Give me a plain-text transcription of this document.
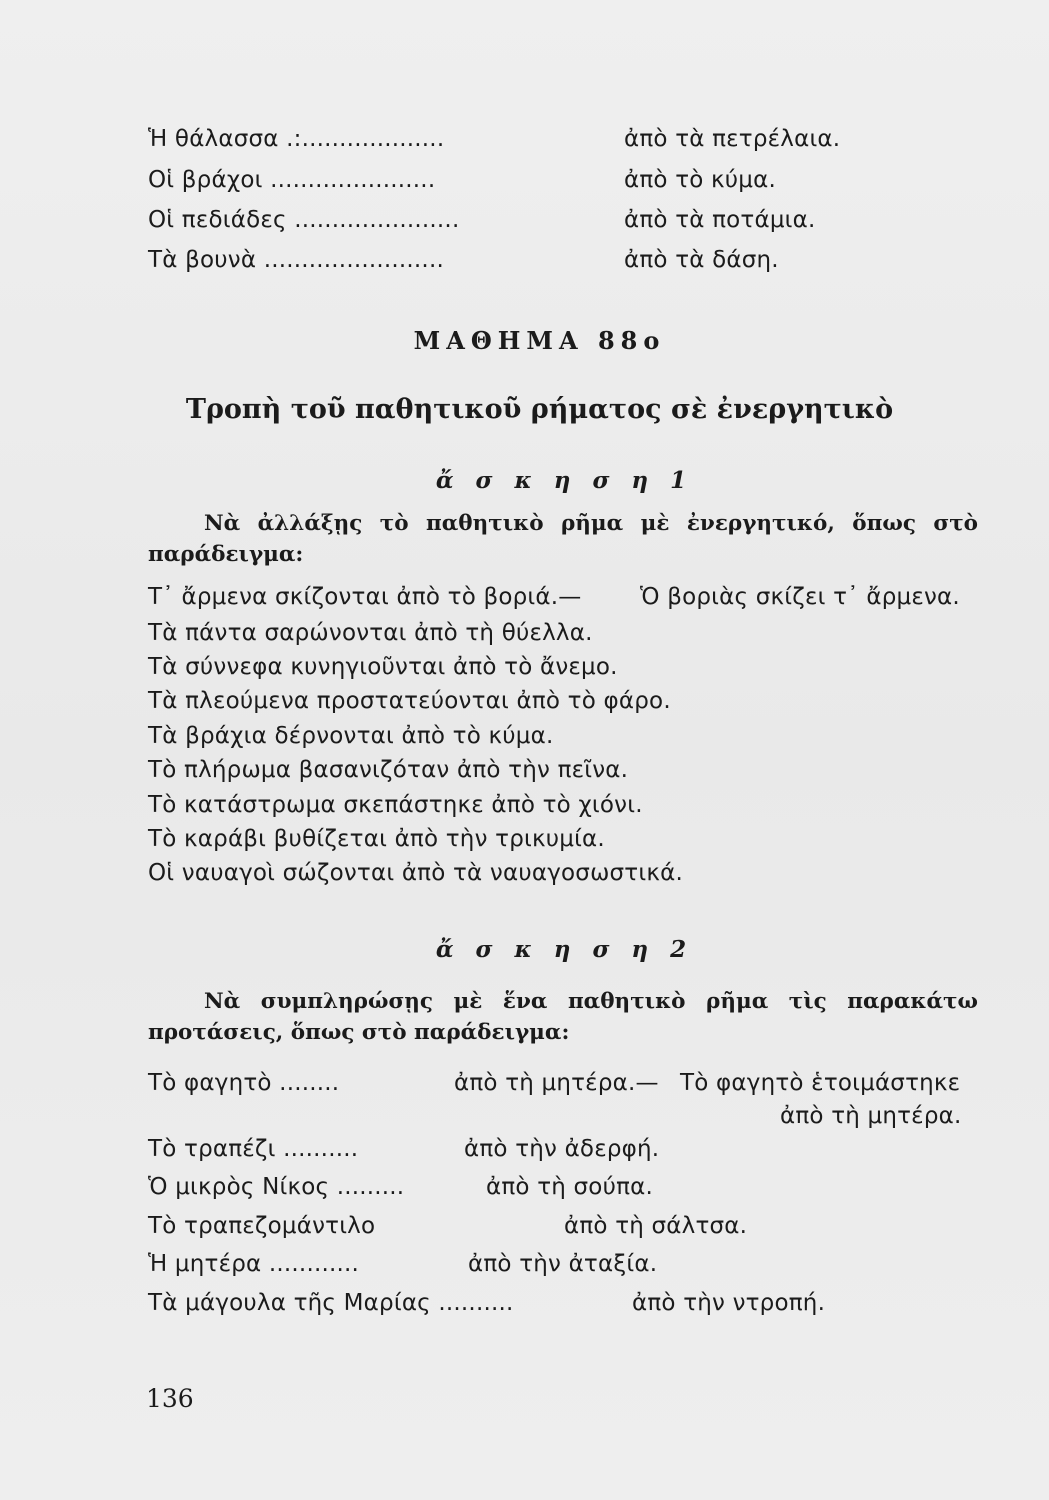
Ἡ θάλασσα .:...................	ἀπὸ τὰ πετρέλαια.
Οἱ βράχοι ......................	ἀπὸ τὸ κύμα.
Οἱ πεδιάδες ......................	ἀπὸ τὰ ποτάμια.
Τὰ βουνὰ ........................	ἀπὸ τὰ δάση.
ΜΑΘΗΜΑ 88ο
Τροπὴ τοῦ παθητικοῦ ρήματος σὲ ἐνεργητικὸ
ἄ σ κ η σ η 1
Νὰ ἀλλάξῃς τὸ παθητικὸ ρῆμα μὲ ἐνεργητικό, ὅπως στὸ παράδειγμα:
Τ᾽ ἄρμενα σκίζονται ἀπὸ τὸ βοριά.—	Ὁ βοριὰς σκίζει τ᾽ ἄρμενα.
Τὰ πάντα σαρώνονται ἀπὸ τὴ θύελλα.
Τὰ σύννεφα κυνηγιοῦνται ἀπὸ τὸ ἄνεμο.
Τὰ πλεούμενα προστατεύονται ἀπὸ τὸ φάρο.
Τὰ βράχια δέρνονται ἀπὸ τὸ κύμα.
Τὸ πλήρωμα βασανιζόταν ἀπὸ τὴν πεῖνα.
Τὸ κατάστρωμα σκεπάστηκε ἀπὸ τὸ χιόνι.
Τὸ καράβι βυθίζεται ἀπὸ τὴν τρικυμία.
Οἱ ναυαγοὶ σώζονται ἀπὸ τὰ ναυαγοσωστικά.
ἄ σ κ η σ η 2
Νὰ συμπληρώσῃς μὲ ἕνα παθητικὸ ρῆμα τὶς παρακάτω προτάσεις, ὅπως στὸ παράδειγμα:
Τὸ φαγητὸ ........	ἀπὸ τὴ μητέρα.— Τὸ φαγητὸ ἑτοιμάστηκε
ἀπὸ τὴ μητέρα.
Τὸ τραπέζι ..........	ἀπὸ τὴν ἀδερφή.
Ὁ μικρὸς Νίκος .........	ἀπὸ τὴ σούπα.
Τὸ τραπεζομάντιλο	ἀπὸ τὴ σάλτσα.
Ἡ μητέρα ............	ἀπὸ τὴν ἀταξία.
Τὰ μάγουλα τῆς Μαρίας ..........	ἀπὸ τὴν ντροπή.
136
